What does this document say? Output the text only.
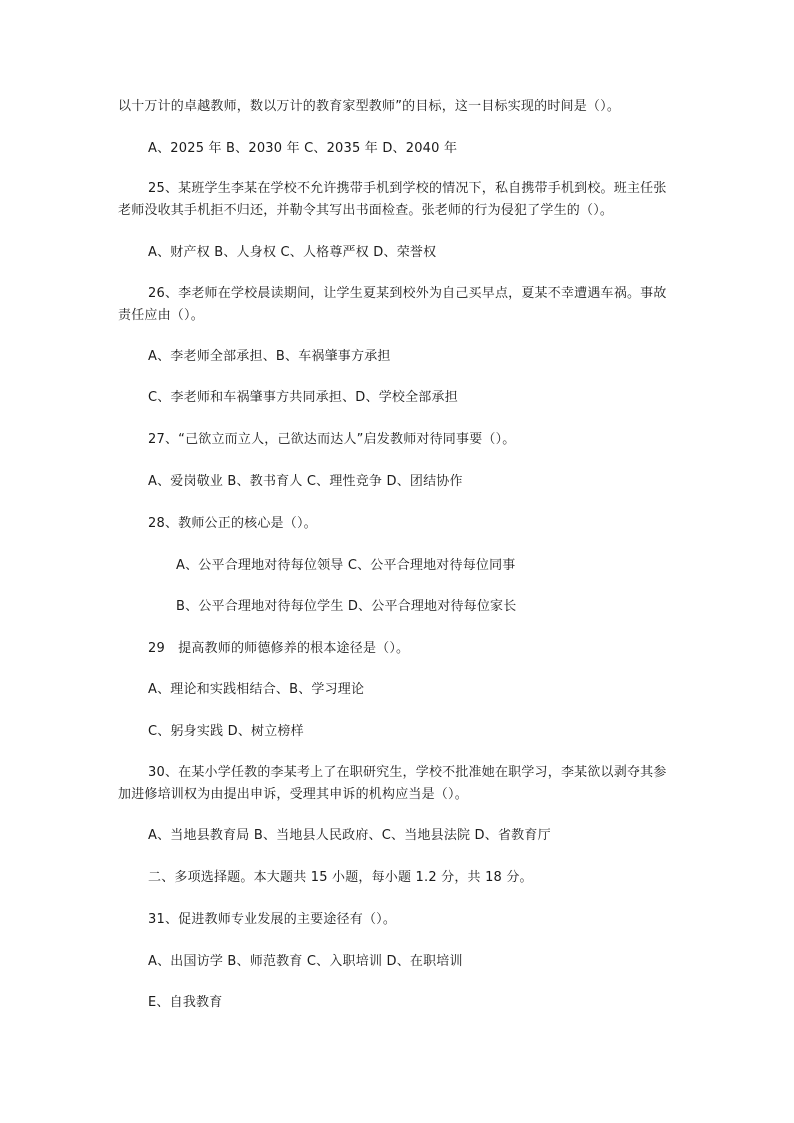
以十万计的卓越教师，数以万计的教育家型教师”的目标，这一目标实现的时间是（）。
A、2025 年 B、2030 年 C、2035 年 D、2040 年
25、某班学生李某在学校不允许携带手机到学校的情况下，私自携带手机到校。班主任张老师没收其手机拒不归还，并勒令其写出书面检查。张老师的行为侵犯了学生的（）。
A、财产权 B、人身权 C、人格尊严权 D、荣誉权
26、李老师在学校晨读期间，让学生夏某到校外为自己买早点，夏某不幸遭遇车祸。事故责任应由（）。
A、李老师全部承担、B、车祸肇事方承担
C、李老师和车祸肇事方共同承担、D、学校全部承担
27、“己欲立而立人，己欲达而达人”启发教师对待同事要（）。
A、爱岗敬业 B、教书育人 C、理性竞争 D、团结协作
28、教师公正的核心是（）。
A、公平合理地对待每位领导 C、公平合理地对待每位同事
B、公平合理地对待每位学生 D、公平合理地对待每位家长
29　提高教师的师德修养的根本途径是（）。
A、理论和实践相结合、B、学习理论
C、躬身实践 D、树立榜样
30、在某小学任教的李某考上了在职研究生，学校不批准她在职学习，李某欲以剥夺其参加进修培训权为由提出申诉，受理其申诉的机构应当是（）。
A、当地县教育局 B、当地县人民政府、C、当地县法院 D、省教育厅
二、多项选择题。本大题共 15 小题，每小题 1.2 分，共 18 分。
31、促进教师专业发展的主要途径有（）。
A、出国访学 B、师范教育 C、入职培训 D、在职培训
E、自我教育
